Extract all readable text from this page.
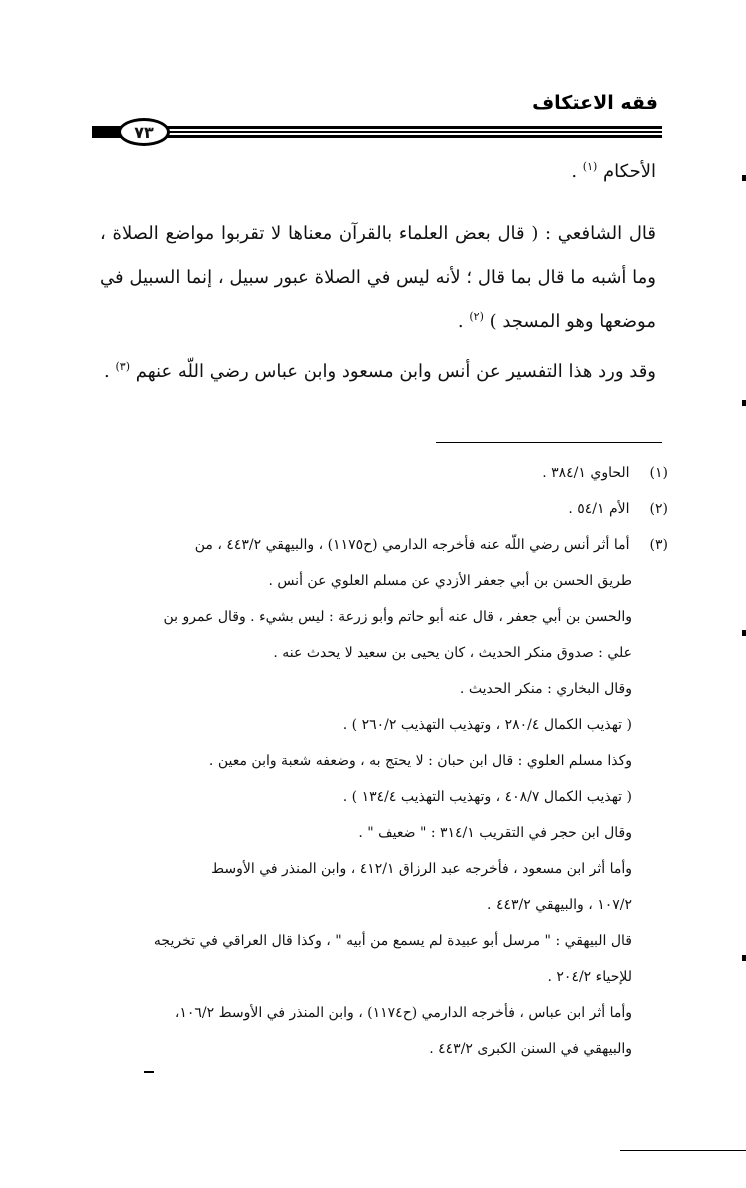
فقه الاعتكاف
٧٣

الأحكام $^{(١)}$ .

قال الشافعي : ( قال بعض العلماء بالقرآن معناها لا تقربوا مواضع الصلاة ، وما أشبه ما قال بما قال ؛ لأنه ليس في الصلاة عبور سبيل ، إنما السبيل في موضعها وهو المسجد ) $^{(٢)}$ .

وقد ورد هذا التفسير عن أنس وابن مسعود وابن عباس رضي اللّه عنهم $^{(٣)}$ .

(١) الحاوي ٣٨٤/١ .
(٢) الأم ٥٤/١ .
(٣) أما أثر أنس رضي اللّه عنه فأخرجه الدارمي (ح١١٧٥) ، والبيهقي ٤٤٣/٢ ، من
طريق الحسن بن أبي جعفر الأزدي عن مسلم العلوي عن أنس .
والحسن بن أبي جعفر ، قال عنه أبو حاتم وأبو زرعة : ليس بشيء . وقال عمرو بن
علي : صدوق منكر الحديث ، كان يحيى بن سعيد لا يحدث عنه .
وقال البخاري : منكر الحديث .
( تهذيب الكمال ٢٨٠/٤ ، وتهذيب التهذيب ٢٦٠/٢ ) .
وكذا مسلم العلوي : قال ابن حبان : لا يحتج به ، وضعفه شعبة وابن معين .
( تهذيب الكمال ٤٠٨/٧ ، وتهذيب التهذيب ١٣٤/٤ ) .
وقال ابن حجر في التقريب ٣١٤/١ : " ضعيف " .
وأما أثر ابن مسعود ، فأخرجه عبد الرزاق ٤١٢/١ ، وابن المنذر في الأوسط
١٠٧/٢ ، والبيهقي ٤٤٣/٢ .
قال البيهقي : " مرسل أبو عبيدة لم يسمع من أبيه " ، وكذا قال العراقي في تخريجه
للإحياء ٢٠٤/٢ .
وأما أثر ابن عباس ، فأخرجه الدارمي (ح١١٧٤) ، وابن المنذر في الأوسط ١٠٦/٢،
والبيهقي في السنن الكبرى ٤٤٣/٢ .
